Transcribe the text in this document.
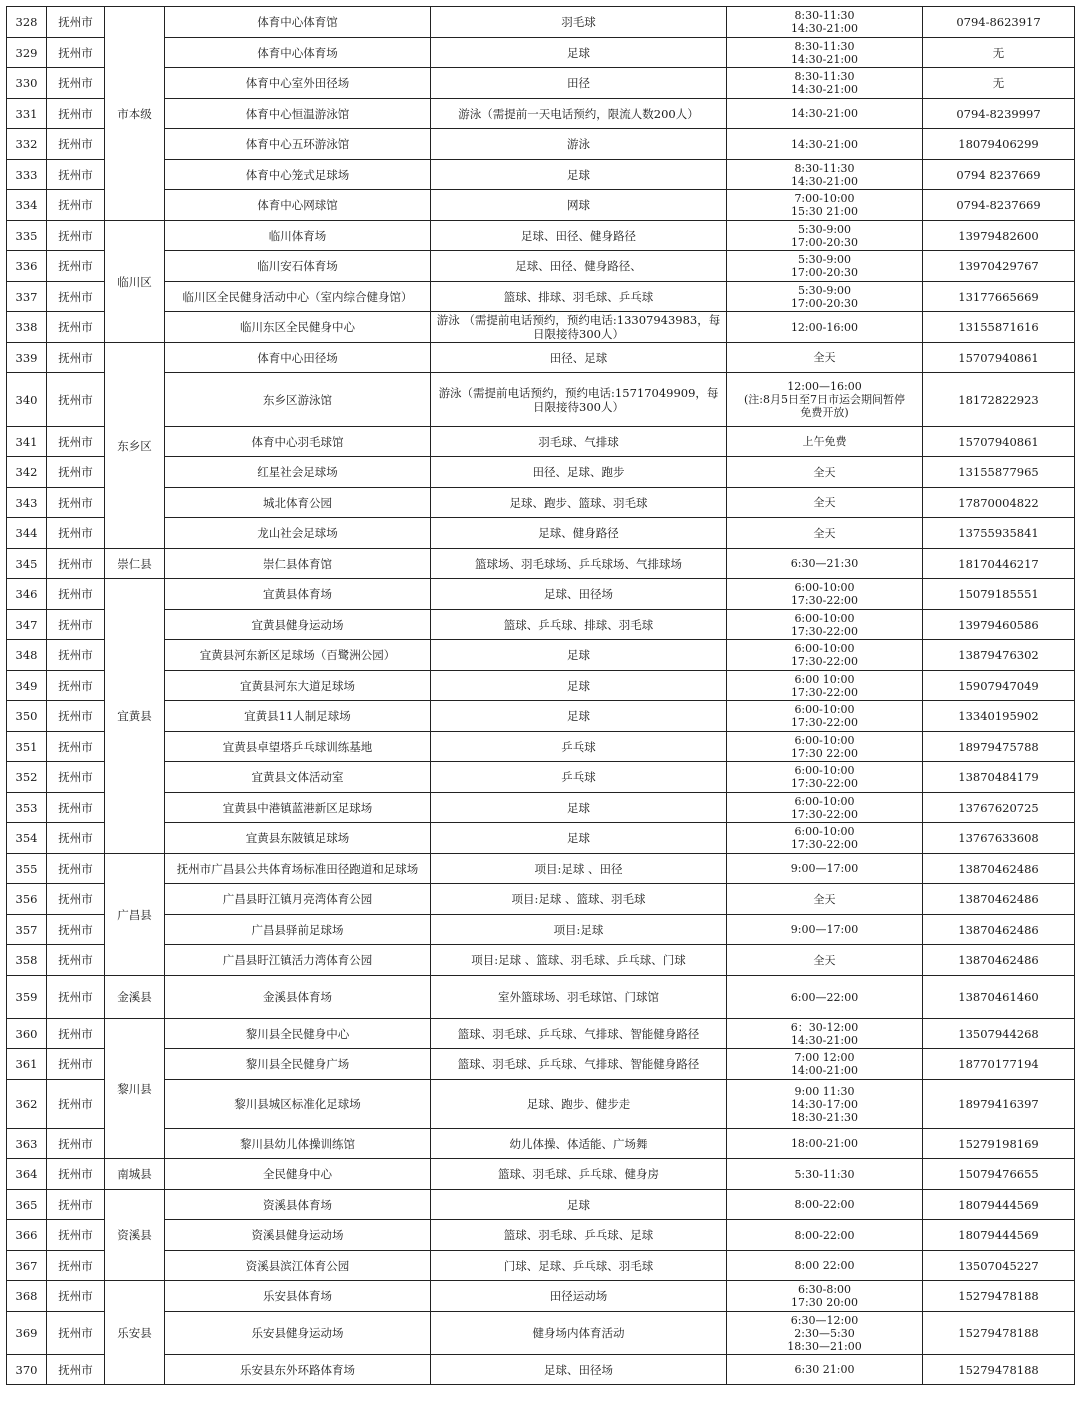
328	抚州市	市本级	体育中心体育馆	羽毛球	8:30-11:30
14:30-21:00	0794-8623917
329	抚州市		体育中心体育场	足球	8:30-11:30
14:30-21:00	无
330	抚州市		体育中心室外田径场	田径	8:30-11:30
14:30-21:00	无
331	抚州市		体育中心恒温游泳馆	游泳（需提前一天电话预约，限流人数200人）	14:30-21:00	0794-8239997
332	抚州市		体育中心五环游泳馆	游泳	14:30-21:00	18079406299
333	抚州市		体育中心笼式足球场	足球	8:30-11:30
14:30-21:00	0794 8237669
334	抚州市		体育中心网球馆	网球	7:00-10:00
15:30 21:00	0794-8237669
335	抚州市	临川区	临川体育场	足球、田径、健身路径	5:30-9:00
17:00-20:30	13979482600
336	抚州市		临川安石体育场	足球、田径、健身路径、	5:30-9:00
17:00-20:30	13970429767
337	抚州市		临川区全民健身活动中心（室内综合健身馆）	篮球、排球、羽毛球、乒乓球	5:30-9:00
17:00-20:30	13177665669
338	抚州市		临川东区全民健身中心	游泳 （需提前电话预约，预约电话:13307943983，每日限接待300人）	12:00-16:00	13155871616
339	抚州市	东乡区	体育中心田径场	田径、足球	全天	15707940861
340	抚州市		东乡区游泳馆	游泳（需提前电话预约，预约电话:15717049909，每日限接待300人）	12:00—16:00
(注:8月5日至7日市运会期间暂停
免费开放)	18172822923
341	抚州市		体育中心羽毛球馆	羽毛球、气排球	上午免费	15707940861
342	抚州市		红星社会足球场	田径、足球、跑步	全天	13155877965
343	抚州市		城北体育公园	足球、跑步、篮球、羽毛球	全天	17870004822
344	抚州市		龙山社会足球场	足球、健身路径	全天	13755935841
345	抚州市	崇仁县	崇仁县体育馆	篮球场、羽毛球场、乒乓球场、气排球场	6:30—21:30	18170446217
346	抚州市	宜黄县	宜黄县体育场	足球、田径场	6:00-10:00
17:30-22:00	15079185551
347	抚州市		宜黄县健身运动场	篮球、乒乓球、排球、羽毛球	6:00-10:00
17:30-22:00	13979460586
348	抚州市		宜黄县河东新区足球场（百鹭洲公园）	足球	6:00-10:00
17:30-22:00	13879476302
349	抚州市		宜黄县河东大道足球场	足球	6:00 10:00
17:30-22:00	15907947049
350	抚州市		宜黄县11人制足球场	足球	6:00-10:00
17:30-22:00	13340195902
351	抚州市		宜黄县卓望塔乒乓球训练基地	乒乓球	6:00-10:00
17:30 22:00	18979475788
352	抚州市		宜黄县文体活动室	乒乓球	6:00-10:00
17:30-22:00	13870484179
353	抚州市		宜黄县中港镇蓝港新区足球场	足球	6:00-10:00
17:30-22:00	13767620725
354	抚州市		宜黄县东陂镇足球场	足球	6:00-10:00
17:30-22:00	13767633608
355	抚州市	广昌县	抚州市广昌县公共体育场标准田径跑道和足球场	项目:足球 、田径	9:00—17:00	13870462486
356	抚州市		广昌县盱江镇月亮湾体育公园	项目:足球 、篮球、羽毛球	全天	13870462486
357	抚州市		广昌县驿前足球场	项目:足球	9:00—17:00	13870462486
358	抚州市		广昌县盱江镇活力湾体育公园	项目:足球 、篮球、羽毛球、乒乓球、门球	全天	13870462486
359	抚州市	金溪县	金溪县体育场	室外篮球场、羽毛球馆、门球馆	6:00—22:00	13870461460
360	抚州市	黎川县	黎川县全民健身中心	篮球、羽毛球、乒乓球、气排球、智能健身路径	6：30-12:00
14:30-21:00	13507944268
361	抚州市		黎川县全民健身广场	篮球、羽毛球、乒乓球、气排球、智能健身路径	7:00 12:00
14:00-21:00	18770177194
362	抚州市		黎川县城区标准化足球场	足球、跑步、健步走	9:00 11:30
14:30-17:00
18:30-21:30	18979416397
363	抚州市		黎川县幼儿体操训练馆	幼儿体操、体适能、广场舞	18:00-21:00	15279198169
364	抚州市	南城县	全民健身中心	篮球、羽毛球、乒乓球、健身房	5:30-11:30	15079476655
365	抚州市	资溪县	资溪县体育场	足球	8:00-22:00	18079444569
366	抚州市		资溪县健身运动场	篮球、羽毛球、乒乓球、足球	8:00-22:00	18079444569
367	抚州市		资溪县滨江体育公园	门球、足球、乒乓球、羽毛球	8:00 22:00	13507045227
368	抚州市	乐安县	乐安县体育场	田径运动场	6:30-8:00
17:30 20:00	15279478188
369	抚州市		乐安县健身运动场	健身场内体育活动	6:30—12:00
2:30—5:30
18:30—21:00	15279478188
370	抚州市		乐安县东外环路体育场	足球、田径场	6:30 21:00	15279478188
